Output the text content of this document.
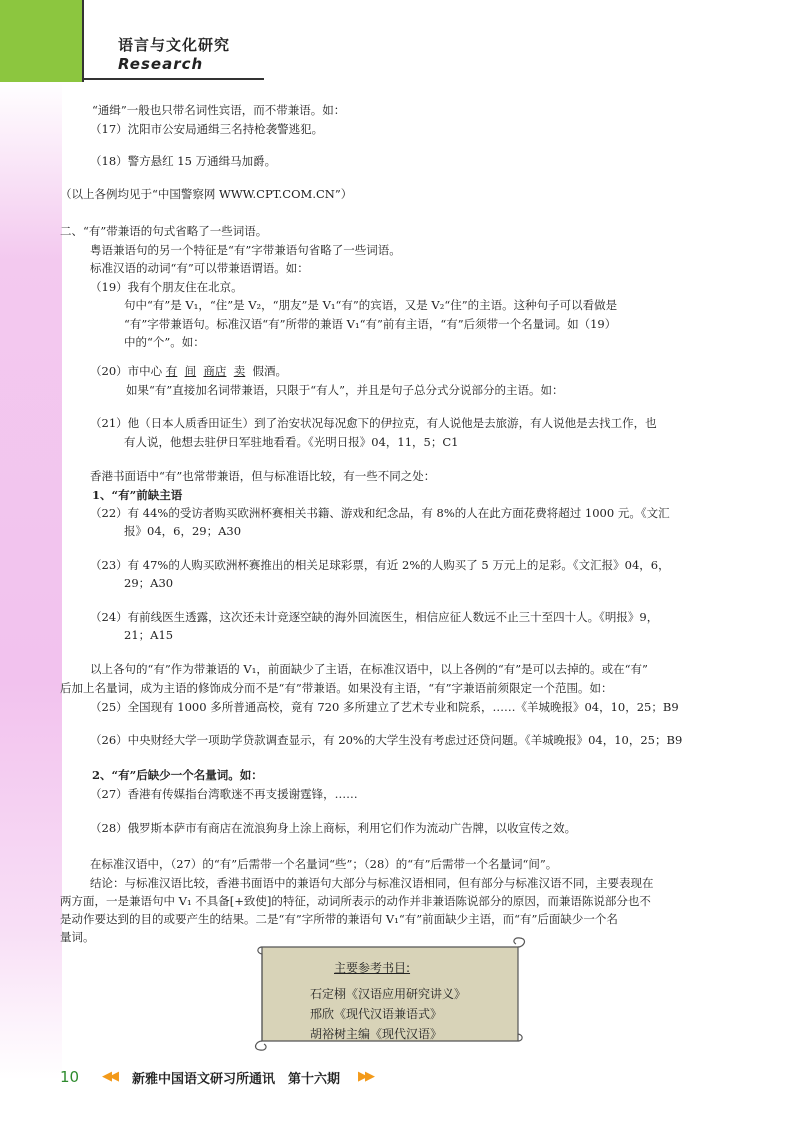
语言与文化研究
Research
“通缉”一般也只带名词性宾语，而不带兼语。如：
（17）沈阳市公安局通缉三名持枪袭警逃犯。
（18）警方悬红 15 万通缉马加爵。
（以上各例均见于“中国警察网 WWW.CPT.COM.CN”）
二、“有”带兼语的句式省略了一些词语。
粤语兼语句的另一个特征是“有”字带兼语句省略了一些词语。
标准汉语的动词“有”可以带兼语谓语。如：
（19）我有个朋友住在北京。
句中“有”是 V₁，“住”是 V₂，“朋友”是 V₁“有”的宾语，又是 V₂“住”的主语。这种句子可以看做是
“有”字带兼语句。标准汉语“有”所带的兼语 V₁“有”前有主语，“有”后须带一个名量词。如（19）
中的“个”。如：
（20）市中心 有 间 商店 卖 假酒。
如果“有”直接加名词带兼语，只限于“有人”，并且是句子总分式分说部分的主语。如：
（21）他（日本人质香田证生）到了治安状况每况愈下的伊拉克，有人说他是去旅游，有人说他是去找工作，也
有人说，他想去驻伊日军驻地看看。《光明日报》04，11，5；C1
香港书面语中“有”也常带兼语，但与标准语比较，有一些不同之处：
1、“有”前缺主语
（22）有 44%的受访者购买欧洲杯赛相关书籍、游戏和纪念品，有 8%的人在此方面花费将超过 1000 元。《文汇
报》04，6，29；A30
（23）有 47%的人购买欧洲杯赛推出的相关足球彩票，有近 2%的人购买了 5 万元上的足彩。《文汇报》04，6，
29；A30
（24）有前线医生透露，这次还未计竞逐空缺的海外回流医生，相信应征人数远不止三十至四十人。《明报》9，
21；A15
以上各句的“有”作为带兼语的 V₁，前面缺少了主语，在标准汉语中，以上各例的“有”是可以去掉的。或在“有”
后加上名量词，成为主语的修饰成分而不是“有”带兼语。如果没有主语，“有”字兼语前须限定一个范围。如：
（25）全国现有 1000 多所普通高校，竟有 720 多所建立了艺术专业和院系，……《羊城晚报》04，10，25；B9
（26）中央财经大学一项助学贷款调查显示，有 20%的大学生没有考虑过还贷问题。《羊城晚报》04，10，25；B9
2、“有”后缺少一个名量词。如：
（27）香港有传媒指台湾歌迷不再支援谢霆锋，……
（28）俄罗斯本萨市有商店在流浪狗身上涂上商标，利用它们作为流动广告牌，以收宣传之效。
在标准汉语中，（27）的“有”后需带一个名量词“些”；（28）的“有”后需带一个名量词“间”。
结论：与标准汉语比较，香港书面语中的兼语句大部分与标准汉语相同，但有部分与标准汉语不同，主要表现在
两方面，一是兼语句中 V₁ 不具备[+致使]的特征，动词所表示的动作并非兼语陈说部分的原因，而兼语陈说部分也不
是动作要达到的目的或要产生的结果。二是“有”字所带的兼语句 V₁“有”前面缺少主语，而“有”后面缺少一个名
量词。
主要参考书目:
石定栩《汉语应用研究讲义》
邢欣《现代汉语兼语式》
胡裕树主编《现代汉语》
10 ◀◀ 新雅中国语文研习所通讯　第十六期 ▶▶
